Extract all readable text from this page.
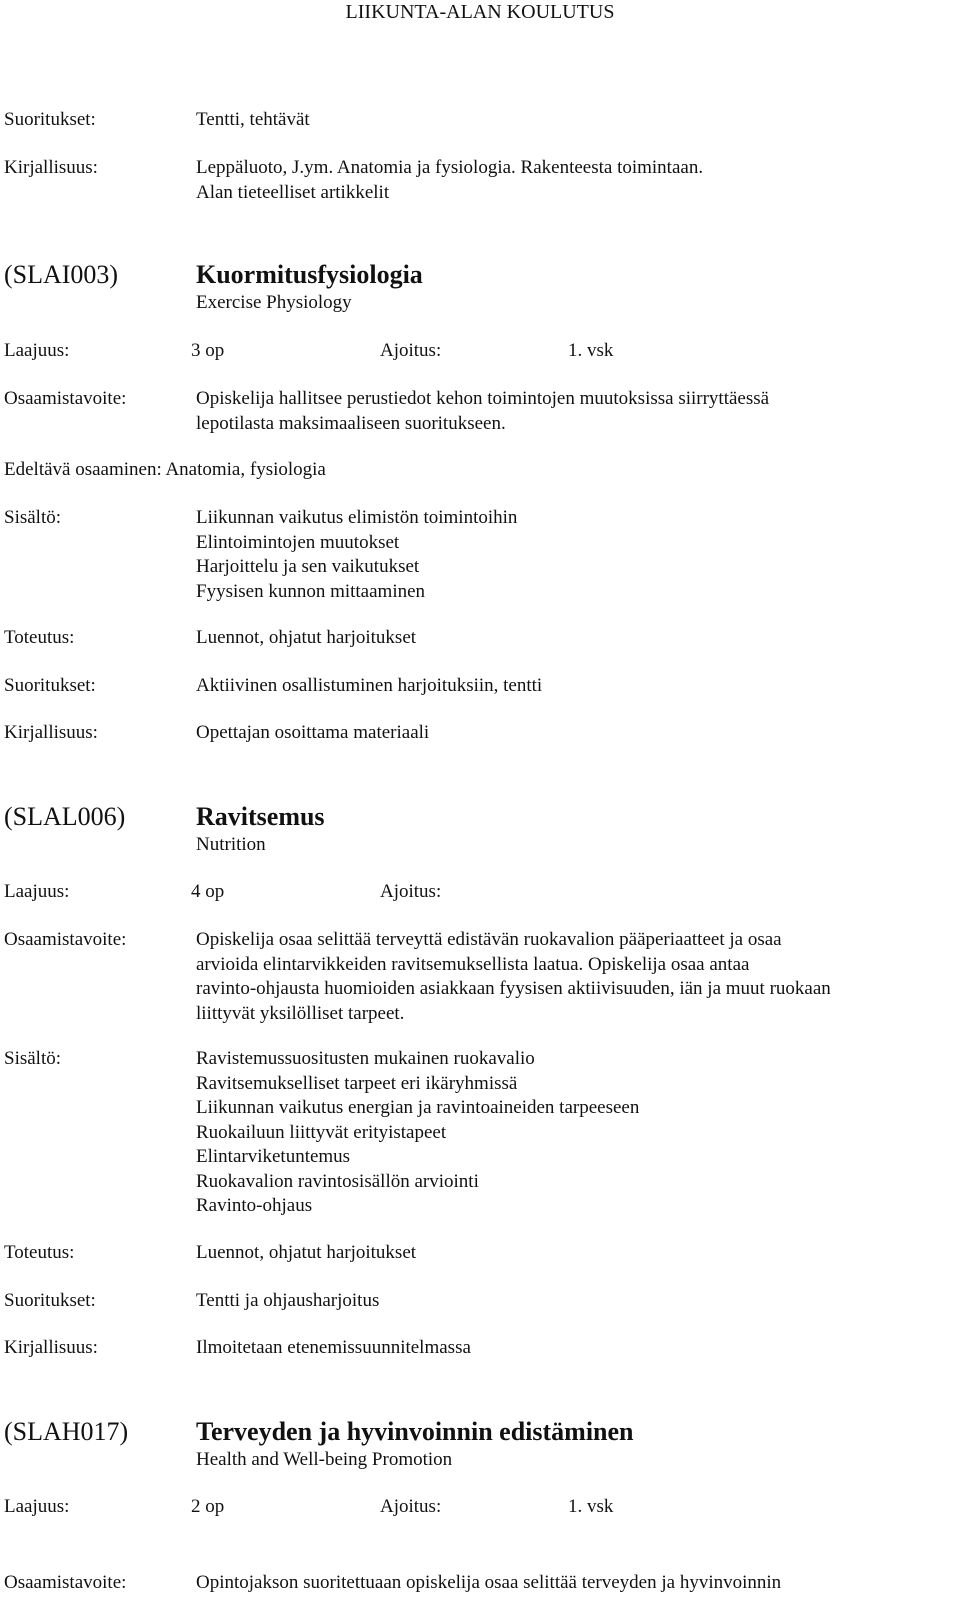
LIIKUNTA-ALAN KOULUTUS
Suoritukset:	Tentti, tehtävät
Kirjallisuus:	Leppäluoto, J.ym. Anatomia ja fysiologia. Rakenteesta toimintaan.
Alan tieteelliset artikkelit
(SLAI003)	Kuormitusfysiologia
Exercise Physiology
Laajuus:	3 op	Ajoitus:	1. vsk
Osaamistavoite:	Opiskelija hallitsee perustiedot kehon toimintojen muutoksissa siirryttäessä
lepotilasta maksimaaliseen suoritukseen.
Edeltävä osaaminen: Anatomia, fysiologia
Sisältö:	Liikunnan vaikutus elimistön toimintoihin
Elintoimintojen muutokset
Harjoittelu ja sen vaikutukset
Fyysisen kunnon mittaaminen
Toteutus:	Luennot, ohjatut harjoitukset
Suoritukset:	Aktiivinen osallistuminen harjoituksiin, tentti
Kirjallisuus:	Opettajan osoittama materiaali
(SLAL006)	Ravitsemus
Nutrition
Laajuus:	4 op	Ajoitus:
Osaamistavoite:	Opiskelija osaa selittää terveyttä edistävän ruokavalion pääperiaatteet ja osaa
arvioida elintarvikkeiden ravitsemuksellista laatua. Opiskelija osaa antaa
ravinto-ohjausta huomioiden asiakkaan fyysisen aktiivisuuden, iän ja muut ruokaan
liittyvät yksilölliset tarpeet.
Sisältö:	Ravistemussuositusten mukainen ruokavalio
Ravitsemukselliset tarpeet eri ikäryhmissä
Liikunnan vaikutus energian ja ravintoaineiden tarpeeseen
Ruokailuun liittyvät erityistapeet
Elintarviketuntemus
Ruokavalion ravintosisällön arviointi
Ravinto-ohjaus
Toteutus:	Luennot, ohjatut harjoitukset
Suoritukset:	Tentti ja ohjausharjoitus
Kirjallisuus:	Ilmoitetaan etenemissuunnitelmassa
(SLAH017)	Terveyden ja hyvinvoinnin edistäminen
Health and Well-being Promotion
Laajuus:	2 op	Ajoitus:	1. vsk
Osaamistavoite:	Opintojakson suoritettuaan opiskelija osaa selittää terveyden ja hyvinvoinnin
